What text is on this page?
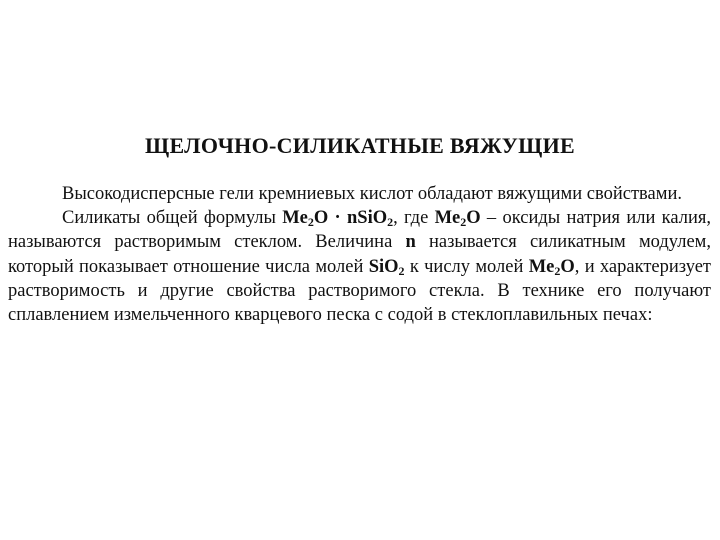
ЩЕЛОЧНО-СИЛИКАТНЫЕ ВЯЖУЩИЕ

Высокодисперсные гели кремниевых кислот обладают вяжущими свойствами.

Силикаты общей формулы $Me_2O$ · nSiO$_2$, где $Me_2O$ – оксиды натрия или калия, называются растворимым стеклом. Величина n называется силикатным модулем, который показывает отношение числа молей SiO$_2$ к числу молей $Me_2O$, и характеризует растворимость и другие свойства растворимого стекла. В технике его получают сплавлением измельченного кварцевого песка с содой в стеклоплавильных печах:
